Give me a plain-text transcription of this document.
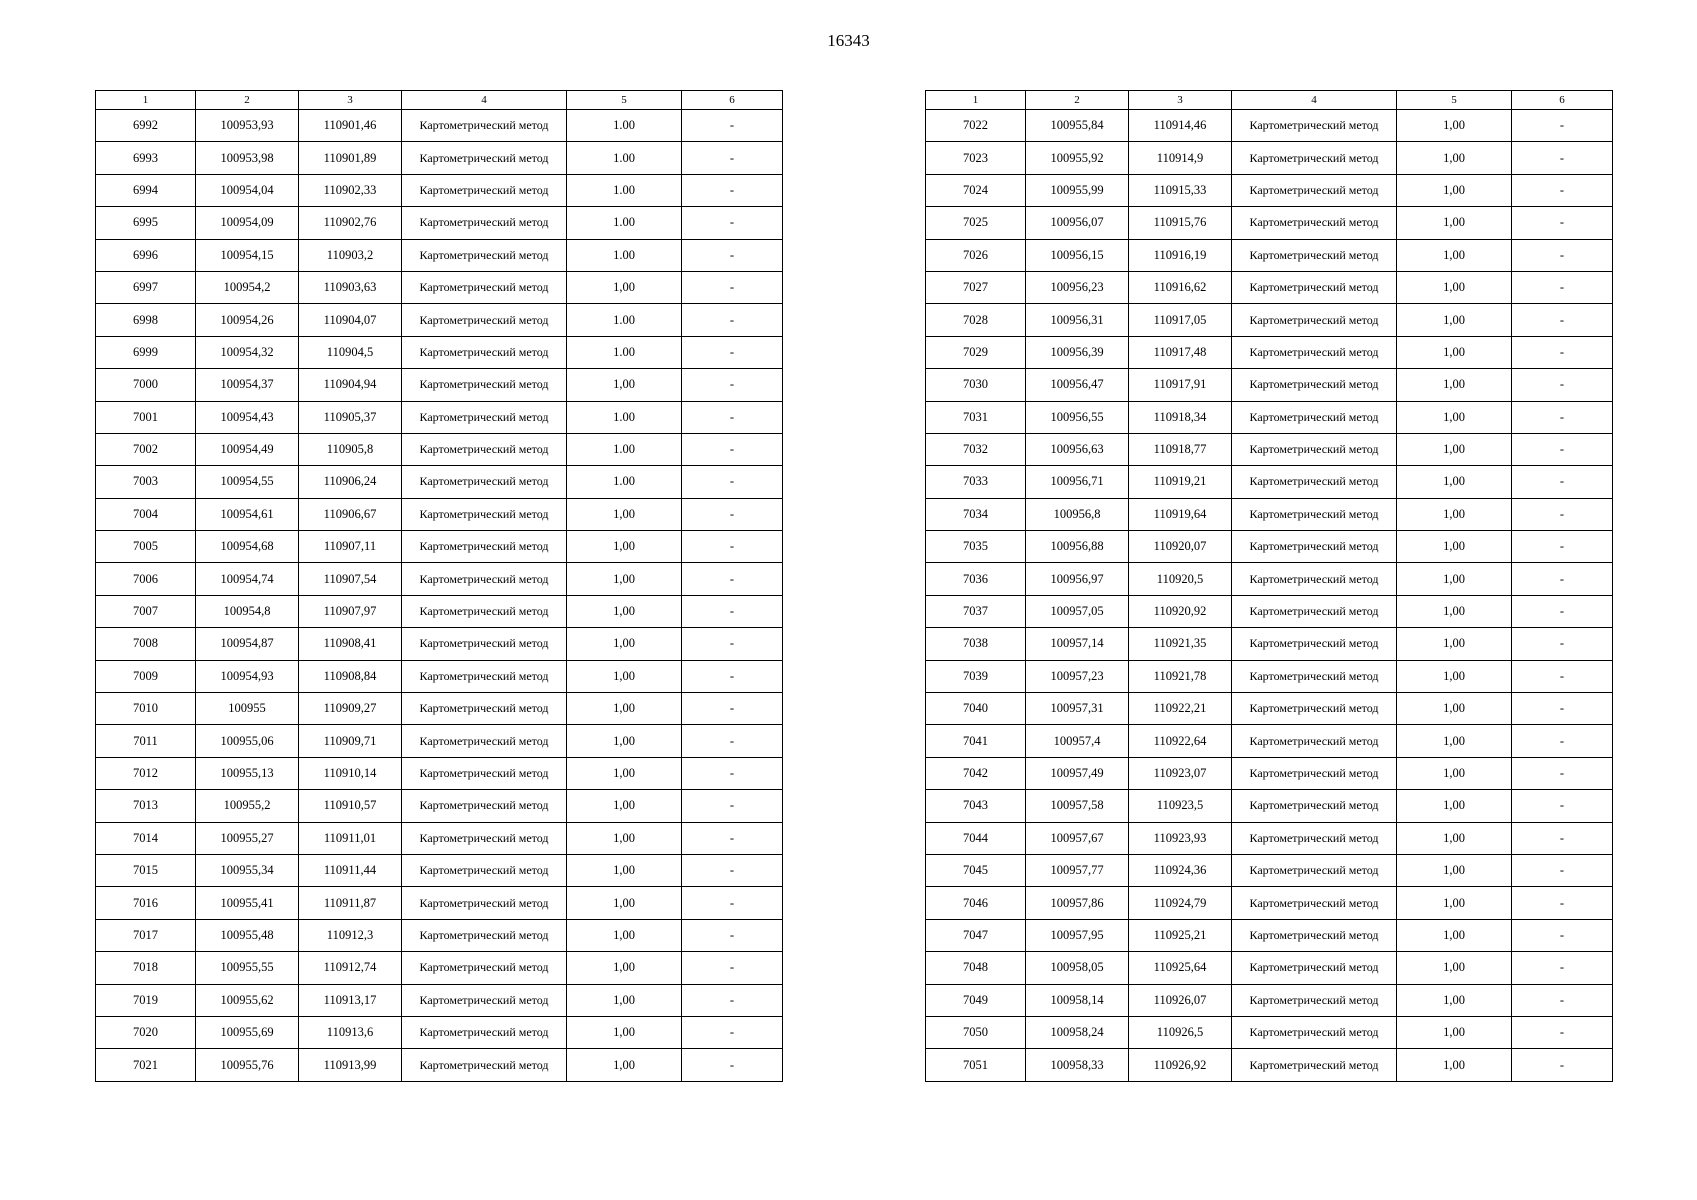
16343
1	2	3	4	5	6
6992	100953,93	110901,46	Картометрический метод	1.00	-
6993	100953,98	110901,89	Картометрический метод	1.00	-
6994	100954,04	110902,33	Картометрический метод	1.00	-
6995	100954,09	110902,76	Картометрический метод	1.00	-
6996	100954,15	110903,2	Картометрический метод	1.00	-
6997	100954,2	110903,63	Картометрический метод	1,00	-
6998	100954,26	110904,07	Картометрический метод	1.00	-
6999	100954,32	110904,5	Картометрический метод	1.00	-
7000	100954,37	110904,94	Картометрический метод	1,00	-
7001	100954,43	110905,37	Картометрический метод	1.00	-
7002	100954,49	110905,8	Картометрический метод	1.00	-
7003	100954,55	110906,24	Картометрический метод	1.00	-
7004	100954,61	110906,67	Картометрический метод	1,00	-
7005	100954,68	110907,11	Картометрический метод	1,00	-
7006	100954,74	110907,54	Картометрический метод	1,00	-
7007	100954,8	110907,97	Картометрический метод	1,00	-
7008	100954,87	110908,41	Картометрический метод	1,00	-
7009	100954,93	110908,84	Картометрический метод	1,00	-
7010	100955	110909,27	Картометрический метод	1,00	-
7011	100955,06	110909,71	Картометрический метод	1,00	-
7012	100955,13	110910,14	Картометрический метод	1,00	-
7013	100955,2	110910,57	Картометрический метод	1,00	-
7014	100955,27	110911,01	Картометрический метод	1,00	-
7015	100955,34	110911,44	Картометрический метод	1,00	-
7016	100955,41	110911,87	Картометрический метод	1,00	-
7017	100955,48	110912,3	Картометрический метод	1,00	-
7018	100955,55	110912,74	Картометрический метод	1,00	-
7019	100955,62	110913,17	Картометрический метод	1,00	-
7020	100955,69	110913,6	Картометрический метод	1,00	-
7021	100955,76	110913,99	Картометрический метод	1,00	-
1	2	3	4	5	6
7022	100955,84	110914,46	Картометрический метод	1,00	-
7023	100955,92	110914,9	Картометрический метод	1,00	-
7024	100955,99	110915,33	Картометрический метод	1,00	-
7025	100956,07	110915,76	Картометрический метод	1,00	-
7026	100956,15	110916,19	Картометрический метод	1,00	-
7027	100956,23	110916,62	Картометрический метод	1,00	-
7028	100956,31	110917,05	Картометрический метод	1,00	-
7029	100956,39	110917,48	Картометрический метод	1,00	-
7030	100956,47	110917,91	Картометрический метод	1,00	-
7031	100956,55	110918,34	Картометрический метод	1,00	-
7032	100956,63	110918,77	Картометрический метод	1,00	-
7033	100956,71	110919,21	Картометрический метод	1,00	-
7034	100956,8	110919,64	Картометрический метод	1,00	-
7035	100956,88	110920,07	Картометрический метод	1,00	-
7036	100956,97	110920,5	Картометрический метод	1,00	-
7037	100957,05	110920,92	Картометрический метод	1,00	-
7038	100957,14	110921,35	Картометрический метод	1,00	-
7039	100957,23	110921,78	Картометрический метод	1,00	-
7040	100957,31	110922,21	Картометрический метод	1,00	-
7041	100957,4	110922,64	Картометрический метод	1,00	-
7042	100957,49	110923,07	Картометрический метод	1,00	-
7043	100957,58	110923,5	Картометрический метод	1,00	-
7044	100957,67	110923,93	Картометрический метод	1,00	-
7045	100957,77	110924,36	Картометрический метод	1,00	-
7046	100957,86	110924,79	Картометрический метод	1,00	-
7047	100957,95	110925,21	Картометрический метод	1,00	-
7048	100958,05	110925,64	Картометрический метод	1,00	-
7049	100958,14	110926,07	Картометрический метод	1,00	-
7050	100958,24	110926,5	Картометрический метод	1,00	-
7051	100958,33	110926,92	Картометрический метод	1,00	-
